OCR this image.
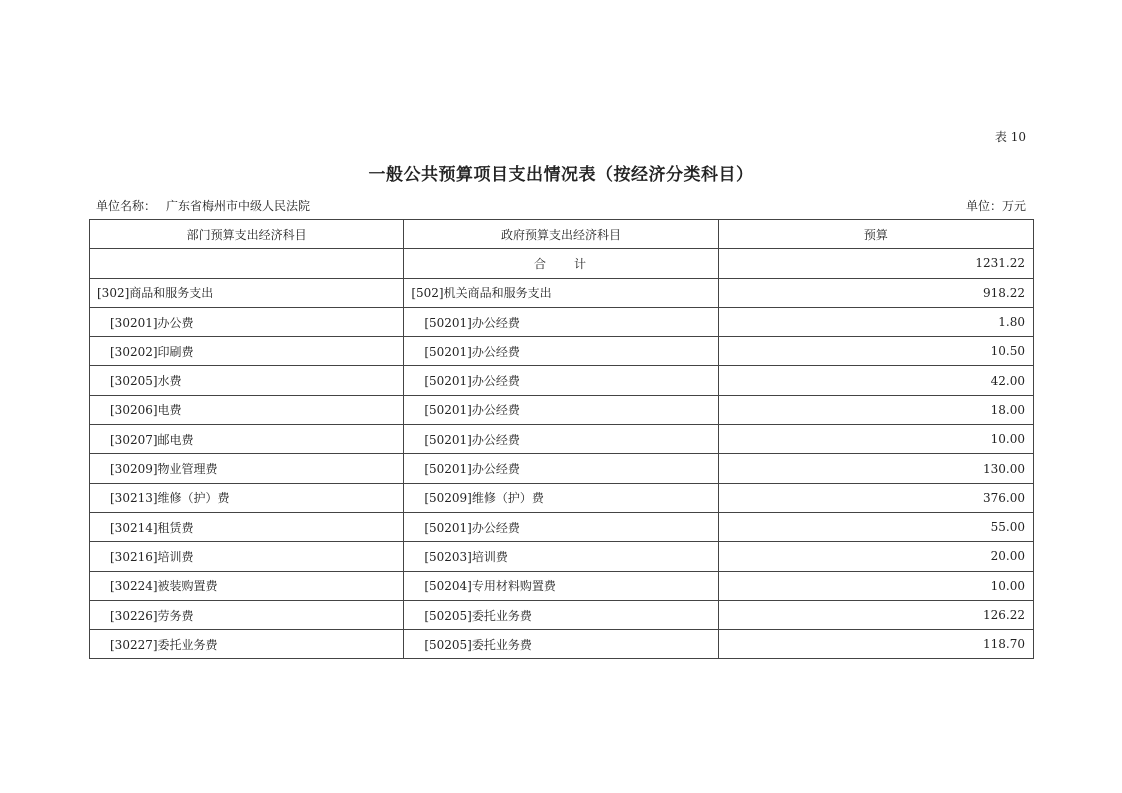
表 10
一般公共预算项目支出情况表（按经济分类科目）
单位名称： 广东省梅州市中级人民法院	单位：万元
部门预算支出经济科目	政府预算支出经济科目	预算
	合 计	1231.22
[302]商品和服务支出	[502]机关商品和服务支出	918.22
[30201]办公费	[50201]办公经费	1.80
[30202]印刷费	[50201]办公经费	10.50
[30205]水费	[50201]办公经费	42.00
[30206]电费	[50201]办公经费	18.00
[30207]邮电费	[50201]办公经费	10.00
[30209]物业管理费	[50201]办公经费	130.00
[30213]维修（护）费	[50209]维修（护）费	376.00
[30214]租赁费	[50201]办公经费	55.00
[30216]培训费	[50203]培训费	20.00
[30224]被装购置费	[50204]专用材料购置费	10.00
[30226]劳务费	[50205]委托业务费	126.22
[30227]委托业务费	[50205]委托业务费	118.70
